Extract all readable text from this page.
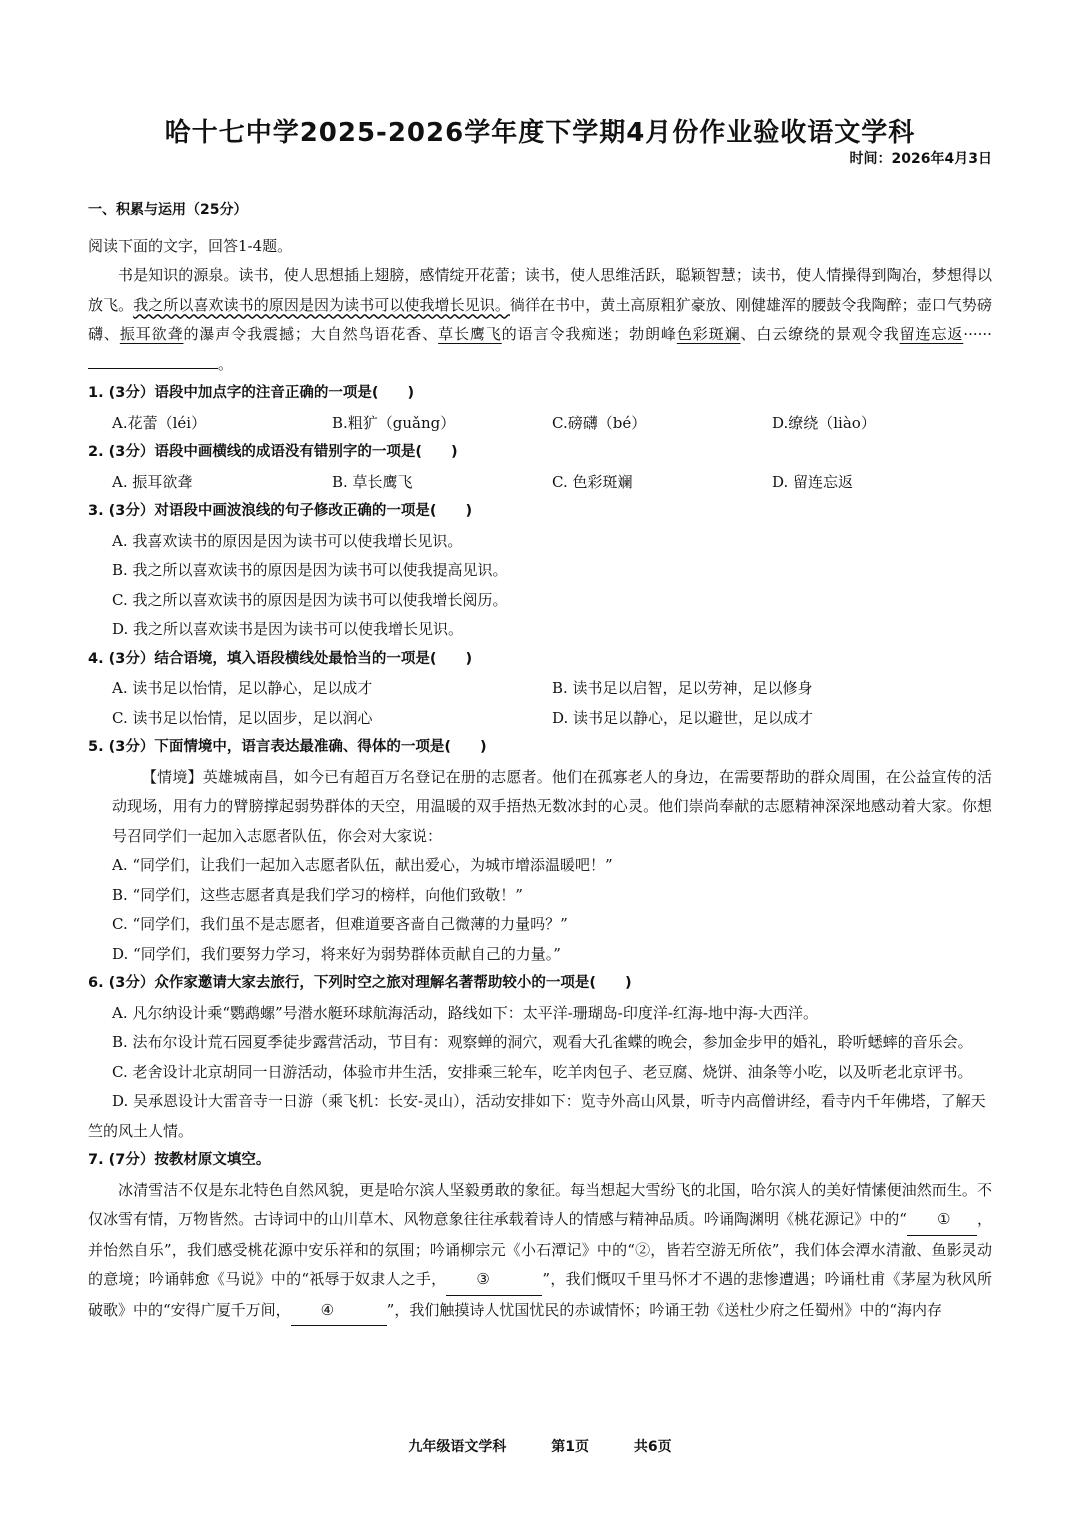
哈十七中学2025-2026学年度下学期4月份作业验收语文学科
时间：2026年4月3日
一、积累与运用（25分）
阅读下面的文字，回答1-4题。
书是知识的源泉。读书，使人思想插上翅膀，感情绽开花蕾；读书，使人思维活跃，聪颖智慧；读书，使人情操得到陶冶，梦想得以放飞。我之所以喜欢读书的原因是因为读书可以使我增长见识。徜徉在书中，黄土高原粗犷豪放、刚健雄浑的腰鼓令我陶醉；壶口气势磅礴、振耳欲聋的瀑声令我震撼；大自然鸟语花香、草长鹰飞的语言令我痴迷；勃朗峰色彩斑斓、白云缭绕的景观令我留连忘返······。
1. (3分）语段中加点字的注音正确的一项是(　　)
A.花蕾（léi）	B.粗犷（guǎng）	C.磅礴（bé）	D.缭绕（liào）
2. (3分）语段中画横线的成语没有错别字的一项是(　　)
A. 振耳欲聋	B. 草长鹰飞	C. 色彩斑斓	D. 留连忘返
3. (3分）对语段中画波浪线的句子修改正确的一项是(　　)
A. 我喜欢读书的原因是因为读书可以使我增长见识。
B. 我之所以喜欢读书的原因是因为读书可以使我提高见识。
C. 我之所以喜欢读书的原因是因为读书可以使我增长阅历。
D. 我之所以喜欢读书是因为读书可以使我增长见识。
4. (3分）结合语境，填入语段横线处最恰当的一项是(　　)
A. 读书足以怡情，足以静心，足以成才	B. 读书足以启智，足以劳神，足以修身
C. 读书足以怡情，足以固步，足以润心	D. 读书足以静心，足以避世，足以成才
5. (3分）下面情境中，语言表达最准确、得体的一项是(　　)
【情境】英雄城南昌，如今已有超百万名登记在册的志愿者。他们在孤寡老人的身边，在需要帮助的群众周围，在公益宣传的活动现场，用有力的臂膀撑起弱势群体的天空，用温暖的双手捂热无数冰封的心灵。他们崇尚奉献的志愿精神深深地感动着大家。你想号召同学们一起加入志愿者队伍，你会对大家说：
A. “同学们，让我们一起加入志愿者队伍，献出爱心，为城市增添温暖吧！”
B. “同学们，这些志愿者真是我们学习的榜样，向他们致敬！”
C. “同学们，我们虽不是志愿者，但难道要吝啬自己微薄的力量吗？”
D. “同学们，我们要努力学习，将来好为弱势群体贡献自己的力量。”
6. (3分）众作家邀请大家去旅行，下列时空之旅对理解名著帮助较小的一项是(　　)
A. 凡尔纳设计乘“鹦鹉螺”号潜水艇环球航海活动，路线如下：太平洋-珊瑚岛-印度洋-红海-地中海-大西洋。
B. 法布尔设计荒石园夏季徒步露营活动，节目有：观察蝉的洞穴，观看大孔雀蝶的晚会，参加金步甲的婚礼，聆听蟋蟀的音乐会。
C. 老舍设计北京胡同一日游活动，体验市井生活，安排乘三轮车，吃羊肉包子、老豆腐、烧饼、油条等小吃，以及听老北京评书。
D. 吴承恩设计大雷音寺一日游（乘飞机：长安-灵山），活动安排如下：览寺外高山风景，听寺内高僧讲经，看寺内千年佛塔，了解天竺的风土人情。
7. (7分）按教材原文填空。
冰清雪洁不仅是东北特色自然风貌，更是哈尔滨人坚毅勇敢的象征。每当想起大雪纷飞的北国，哈尔滨人的美好情愫便油然而生。不仅冰雪有情，万物皆然。古诗词中的山川草木、风物意象往往承载着诗人的情感与精神品质。吟诵陶渊明《桃花源记》中的“ ① ，并怡然自乐”，我们感受桃花源中安乐祥和的氛围；吟诵柳宗元《小石潭记》中的“②，皆若空游无所依”，我们体会潭水清澈、鱼影灵动的意境；吟诵韩愈《马说》中的“祇辱于奴隶人之手， ③	”，我们慨叹千里马怀才不遇的悲惨遭遇；吟诵杜甫《茅屋为秋风所破歌》中的“安得广厦千万间， ④	”，我们触摸诗人忧国忧民的赤诚情怀；吟诵王勃《送杜少府之任蜀州》中的“海内存
九年级语文学科	第1页	共6页
